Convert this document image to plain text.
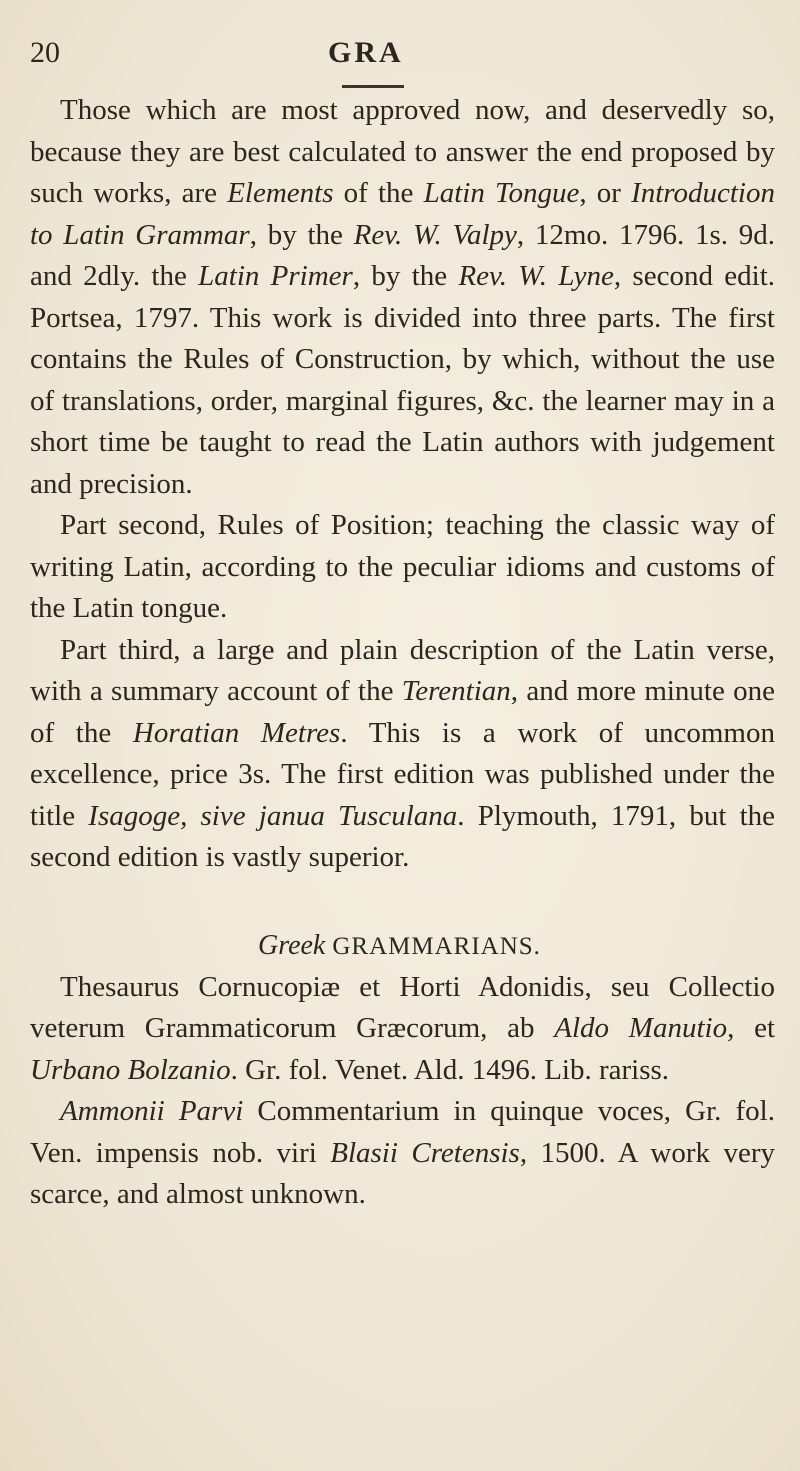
20	GRA

Those which are most approved now, and deservedly so, because they are best calculated to answer the end proposed by such works, are Elements of the Latin Tongue, or Introduction to Latin Grammar, by the Rev. W. Valpy, 12mo. 1796. 1s. 9d. and 2dly. the Latin Primer, by the Rev. W. Lyne, second edit. Portsea, 1797. This work is divided into three parts. The first contains the Rules of Construction, by which, without the use of translations, order, marginal figures, &c. the learner may in a short time be taught to read the Latin authors with judgement and precision.

Part second, Rules of Position; teaching the classic way of writing Latin, according to the peculiar idioms and customs of the Latin tongue.

Part third, a large and plain description of the Latin verse, with a summary account of the Terentian, and more minute one of the Horatian Metres. This is a work of uncommon excellence, price 3s. The first edition was published under the title Isagoge, sive janua Tusculana. Plymouth, 1791, but the second edition is vastly superior.

Greek GRAMMARIANS.

Thesaurus Cornucopiæ et Horti Adonidis, seu Collectio veterum Grammaticorum Græcorum, ab Aldo Manutio, et Urbano Bolzanio. Gr. fol. Venet. Ald. 1496. Lib. rariss.

Ammonii Parvi Commentarium in quinque voces, Gr. fol. Ven. impensis nob. viri Blasii Cretensis, 1500. A work very scarce, and almost unknown.
